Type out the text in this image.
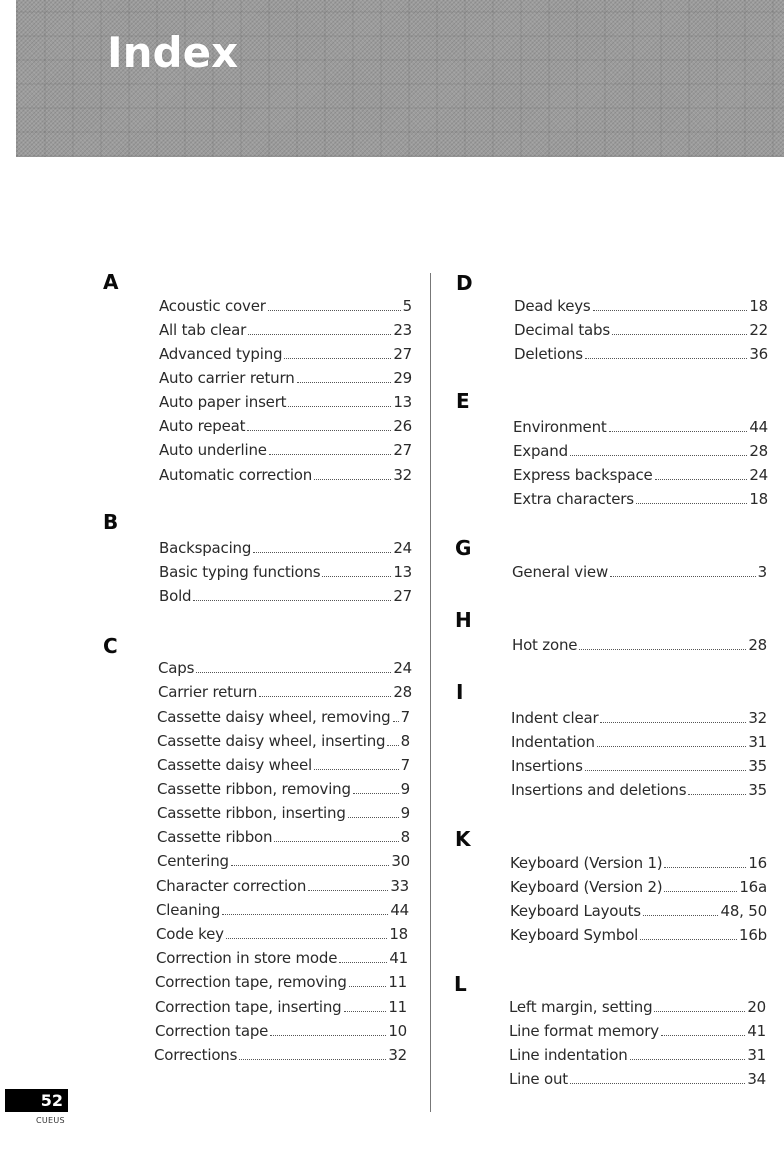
Index
A
Acoustic cover	5
All tab clear	23
Advanced typing	27
Auto carrier return	29
Auto paper insert	13
Auto repeat	26
Auto underline	27
Automatic correction	32
B
Backspacing	24
Basic typing functions	13
Bold	27
C
Caps	24
Carrier return	28
Cassette daisy wheel, removing 7
Cassette daisy wheel, inserting 8
Cassette daisy wheel	7
Cassette ribbon, removing	9
Cassette ribbon, inserting	9
Cassette ribbon	8
Centering	30
Character correction	33
Cleaning	44
Code key	18
Correction in store mode	41
Correction tape, removing	11
Correction tape, inserting	11
Correction tape	10
Corrections	32
D
Dead keys	18
Decimal tabs	22
Deletions	36
E
Environment	44
Expand	28
Express backspace	24
Extra characters	18
G
General view	3
H
Hot zone	28
I
Indent clear	32
Indentation	31
Insertions	35
Insertions and deletions	35
K
Keyboard (Version 1)	16
Keyboard (Version 2)	16a
Keyboard Layouts	48, 50
Keyboard Symbol	16b
L
Left margin, setting	20
Line format memory	41
Line indentation	31
Line out	34
52
CUEUS
